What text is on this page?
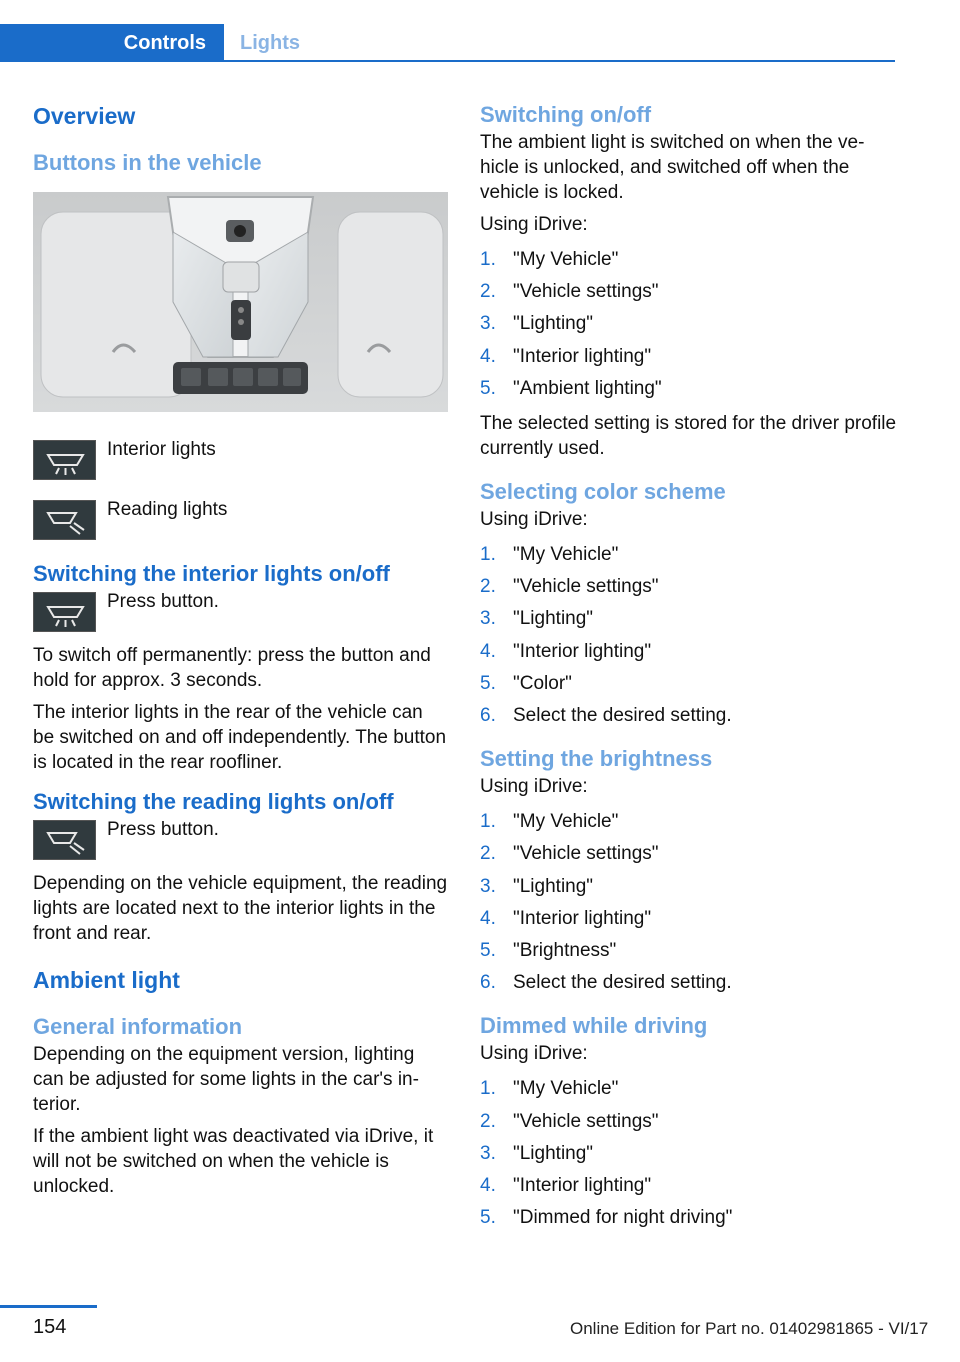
Controls	Lights
Overview
Buttons in the vehicle
Interior lights
Reading lights
Switching the interior lights on/off
Press button.
To switch off permanently: press the button and hold for approx. 3 seconds.
The interior lights in the rear of the vehicle can be switched on and off independently. The button is located in the rear roofliner.
Switching the reading lights on/off
Press button.
Depending on the vehicle equipment, the reading lights are located next to the interior lights in the front and rear.
Ambient light
General information
Depending on the equipment version, lighting can be adjusted for some lights in the car's in‐terior.
If the ambient light was deactivated via iDrive, it will not be switched on when the vehicle is unlocked.
Switching on/off
The ambient light is switched on when the ve‐hicle is unlocked, and switched off when the vehicle is locked.
Using iDrive:
1. "My Vehicle"
2. "Vehicle settings"
3. "Lighting"
4. "Interior lighting"
5. "Ambient lighting"
The selected setting is stored for the driver profile currently used.
Selecting color scheme
Using iDrive:
1. "My Vehicle"
2. "Vehicle settings"
3. "Lighting"
4. "Interior lighting"
5. "Color"
6. Select the desired setting.
Setting the brightness
Using iDrive:
1. "My Vehicle"
2. "Vehicle settings"
3. "Lighting"
4. "Interior lighting"
5. "Brightness"
6. Select the desired setting.
Dimmed while driving
Using iDrive:
1. "My Vehicle"
2. "Vehicle settings"
3. "Lighting"
4. "Interior lighting"
5. "Dimmed for night driving"
154	Online Edition for Part no. 01402981865 - VI/17
